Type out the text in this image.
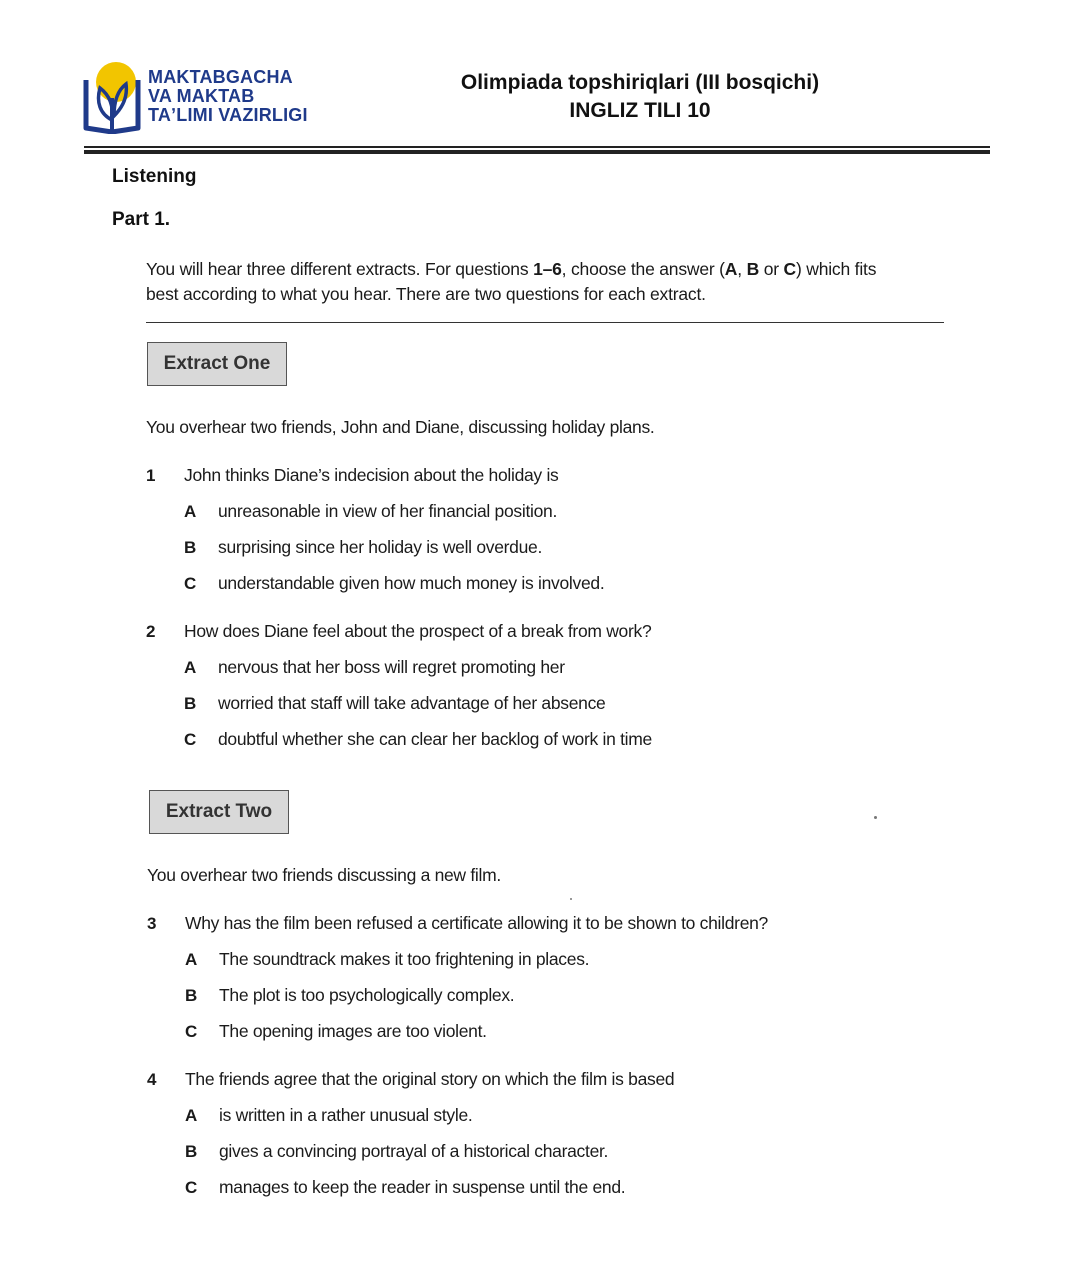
MAKTABGACHA
VA MAKTAB
TAʼLIMI VAZIRLIGI
Olimpiada topshiriqlari (III bosqichi)
INGLIZ TILI 10
Listening
Part 1.
You will hear three different extracts. For questions 1–6, choose the answer (A, B or C) which fits
best according to what you hear. There are two questions for each extract.
Extract One
You overhear two friends, John and Diane, discussing holiday plans.
1 John thinks Diane’s indecision about the holiday is
A unreasonable in view of her financial position.
B surprising since her holiday is well overdue.
C understandable given how much money is involved.
2 How does Diane feel about the prospect of a break from work?
A nervous that her boss will regret promoting her
B worried that staff will take advantage of her absence
C doubtful whether she can clear her backlog of work in time
Extract Two
You overhear two friends discussing a new film.
3 Why has the film been refused a certificate allowing it to be shown to children?
A The soundtrack makes it too frightening in places.
B The plot is too psychologically complex.
C The opening images are too violent.
4 The friends agree that the original story on which the film is based
A is written in a rather unusual style.
B gives a convincing portrayal of a historical character.
C manages to keep the reader in suspense until the end.
